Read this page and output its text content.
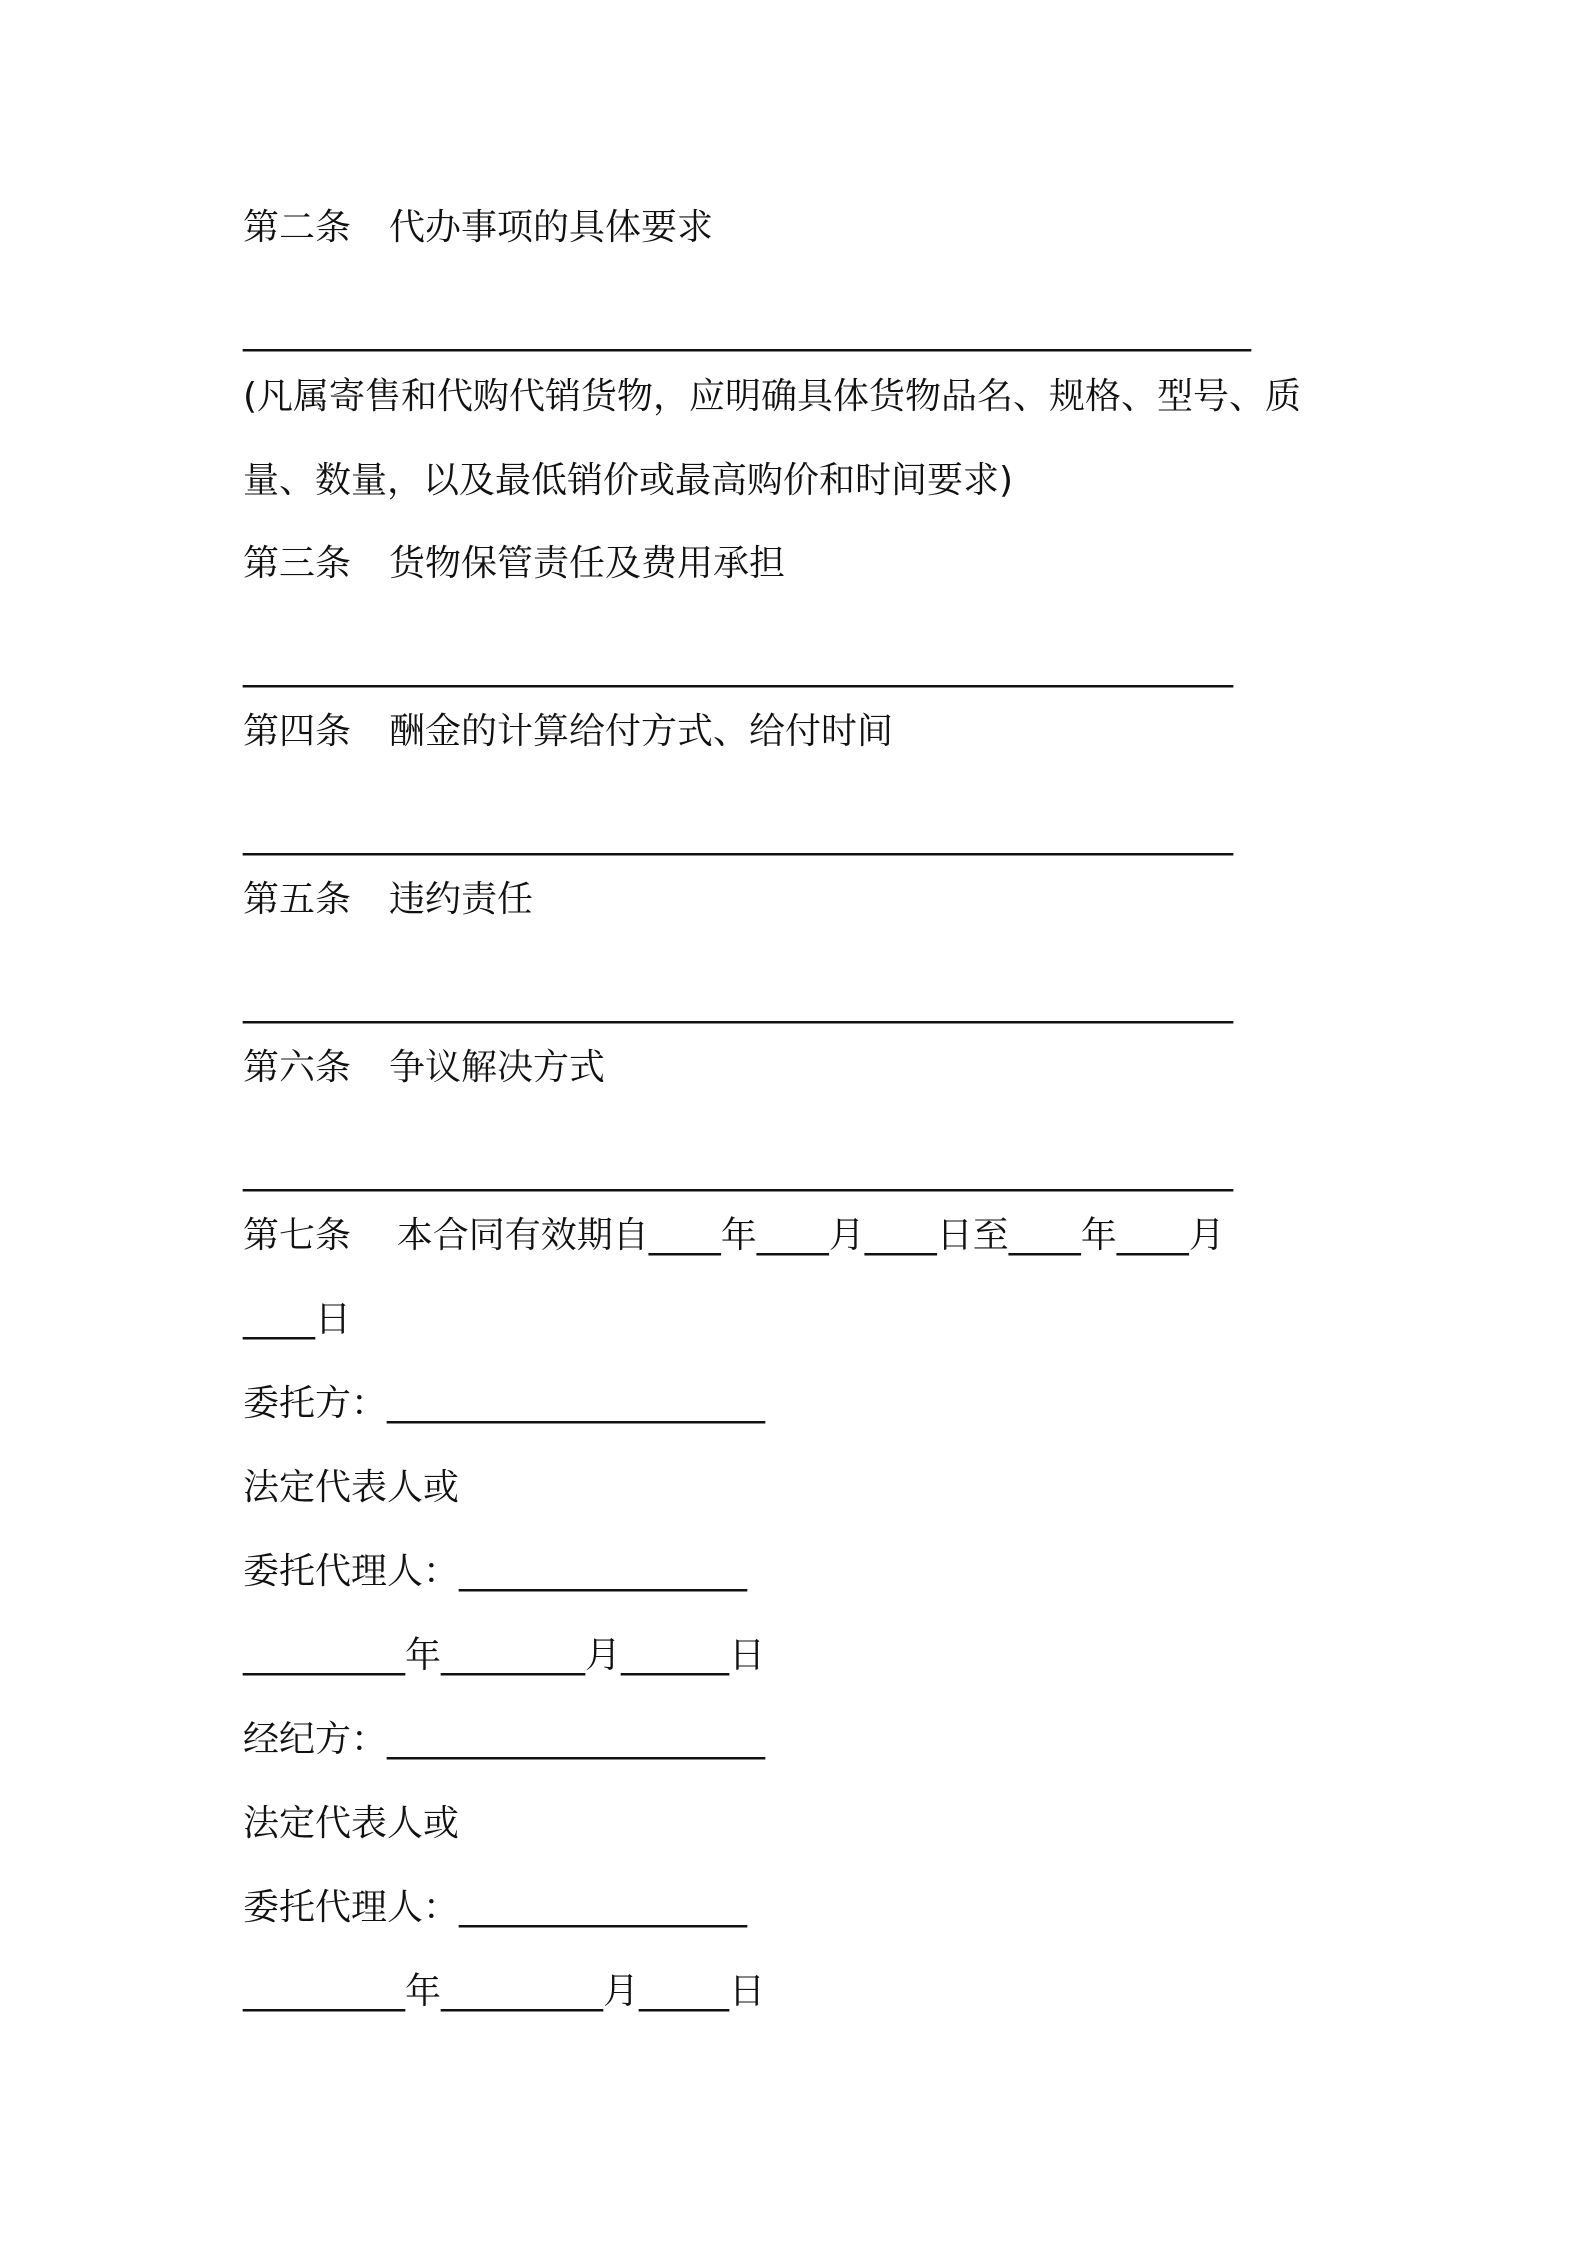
第二条 代办事项的具体要求
________________________________________________________
(凡属寄售和代购代销货物，应明确具体货物品名、规格、型号、质量、数量，以及最低销价或最高购价和时间要求)
第三条 货物保管责任及费用承担
_______________________________________________________
第四条 酬金的计算给付方式、给付时间
_______________________________________________________
第五条 违约责任
_______________________________________________________
第六条 争议解决方式
_______________________________________________________
第七条    本合同有效期自____年____月____日至____年____月
____日
委托方：_____________________
法定代表人或
委托代理人：________________
_________年________月______日
经纪方：_____________________
法定代表人或
委托代理人：________________
_________年_________月_____日
